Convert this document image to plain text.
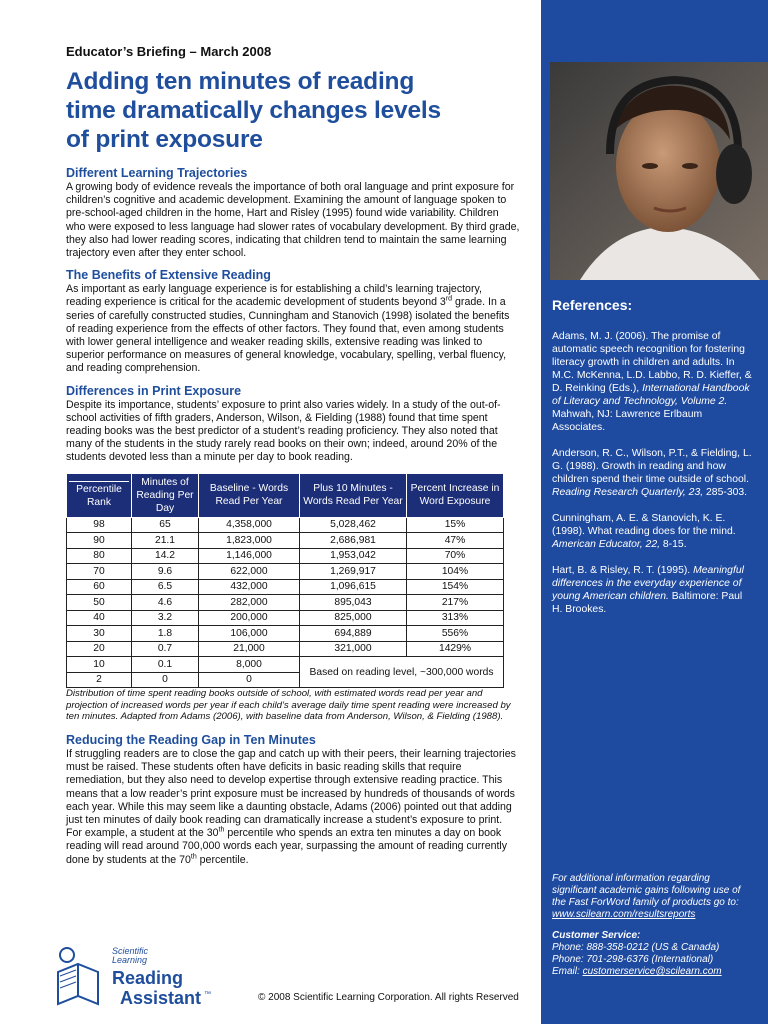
Educator’s Briefing – March 2008

Adding ten minutes of reading
time dramatically changes levels
of print exposure
Different Learning Trajectories

A growing body of evidence reveals the importance of both oral language and print exposure for children’s cognitive and academic development. Examining the amount of language spoken to pre-school-aged children in the home, Hart and Risley (1995) found wide variability. Children who were exposed to less language had slower rates of vocabulary development. By third grade, they also had lower reading scores, indicating that children tend to maintain the same learning trajectory even after they enter school.

The Benefits of Extensive Reading

As important as early language experience is for establishing a child’s learning trajectory, reading experience is critical for the academic development of students beyond 3rd grade. In a series of carefully constructed studies, Cunningham and Stanovich (1998) isolated the benefits of reading experience from the effects of other factors. They found that, even among students with lower general intelligence and weaker reading skills, extensive reading was linked to superior performance on measures of general knowledge, vocabulary, spelling, verbal fluency, and reading comprehension.

Differences in Print Exposure

Despite its importance, students’ exposure to print also varies widely. In a study of the out-of-school activities of fifth graders, Anderson, Wilson, & Fielding (1988) found that time spent reading books was the best predictor of a student’s reading proficiency. They also noted that many of the students in the study rarely read books on their own; indeed, around 20% of the students devoted less than a minute per day to book reading.

Percentile Rank	Minutes of Reading Per Day	Baseline - Words Read Per Year	Plus 10 Minutes - Words Read Per Year	Percent Increase in Word Exposure
98	65	4,358,000	5,028,462	15%
90	21.1	1,823,000	2,686,981	47%
80	14.2	1,146,000	1,953,042	70%
70	9.6	622,000	1,269,917	104%
60	6.5	432,000	1,096,615	154%
50	4.6	282,000	895,043	217%
40	3.2	200,000	825,000	313%
30	1.8	106,000	694,889	556%
20	0.7	21,000	321,000	1429%
10	0.1	8,000	Based on reading level, ~300,000 words	
2	0	0		

Distribution of time spent reading books outside of school, with estimated words read per year and projection of increased words per year if each child’s average daily time spent reading were increased by ten minutes. Adapted from Adams (2006), with baseline data from Anderson, Wilson, & Fielding (1988).

Reducing the Reading Gap in Ten Minutes

If struggling readers are to close the gap and catch up with their peers, their learning trajectories must be raised. These students often have deficits in basic reading skills that require remediation, but they also need to develop expertise through extensive reading practice. This means that a low reader’s print exposure must be increased by hundreds of thousands of words each year. While this may seem like a daunting obstacle, Adams (2006) pointed out that adding just ten minutes of daily book reading can dramatically increase a student’s exposure to print. For example, a student at the 30th percentile who spends an extra ten minutes a day on book reading will read around 700,000 words each year, surpassing the amount of reading currently done by students at the 70th percentile.

Scientific
Learning
Reading
Assistant ™	© 2008 Scientific Learning Corporation. All rights Reserved
References:

Adams, M. J. (2006). The promise of automatic speech recognition for fostering literacy growth in children and adults. In M.C. McKenna, L.D. Labbo, R. D. Kieffer, & D. Reinking (Eds.), International Handbook of Literacy and Technology, Volume 2. Mahwah, NJ: Lawrence Erlbaum Associates.

Anderson, R. C., Wilson, P.T., & Fielding, L. G. (1988). Growth in reading and how children spend their time outside of school. Reading Research Quarterly, 23, 285-303.

Cunningham, A. E. & Stanovich, K. E. (1998). What reading does for the mind. American Educator, 22, 8-15.

Hart, B. & Risley, R. T. (1995). Meaningful differences in the everyday experience of young American children. Baltimore: Paul H. Brookes.

For additional information regarding significant academic gains following use of the Fast ForWord family of products go to: www.scilearn.com/resultsreports

Customer Service:
Phone: 888-358-0212 (US & Canada)
Phone: 701-298-6376 (International)
Email: customerservice@scilearn.com
